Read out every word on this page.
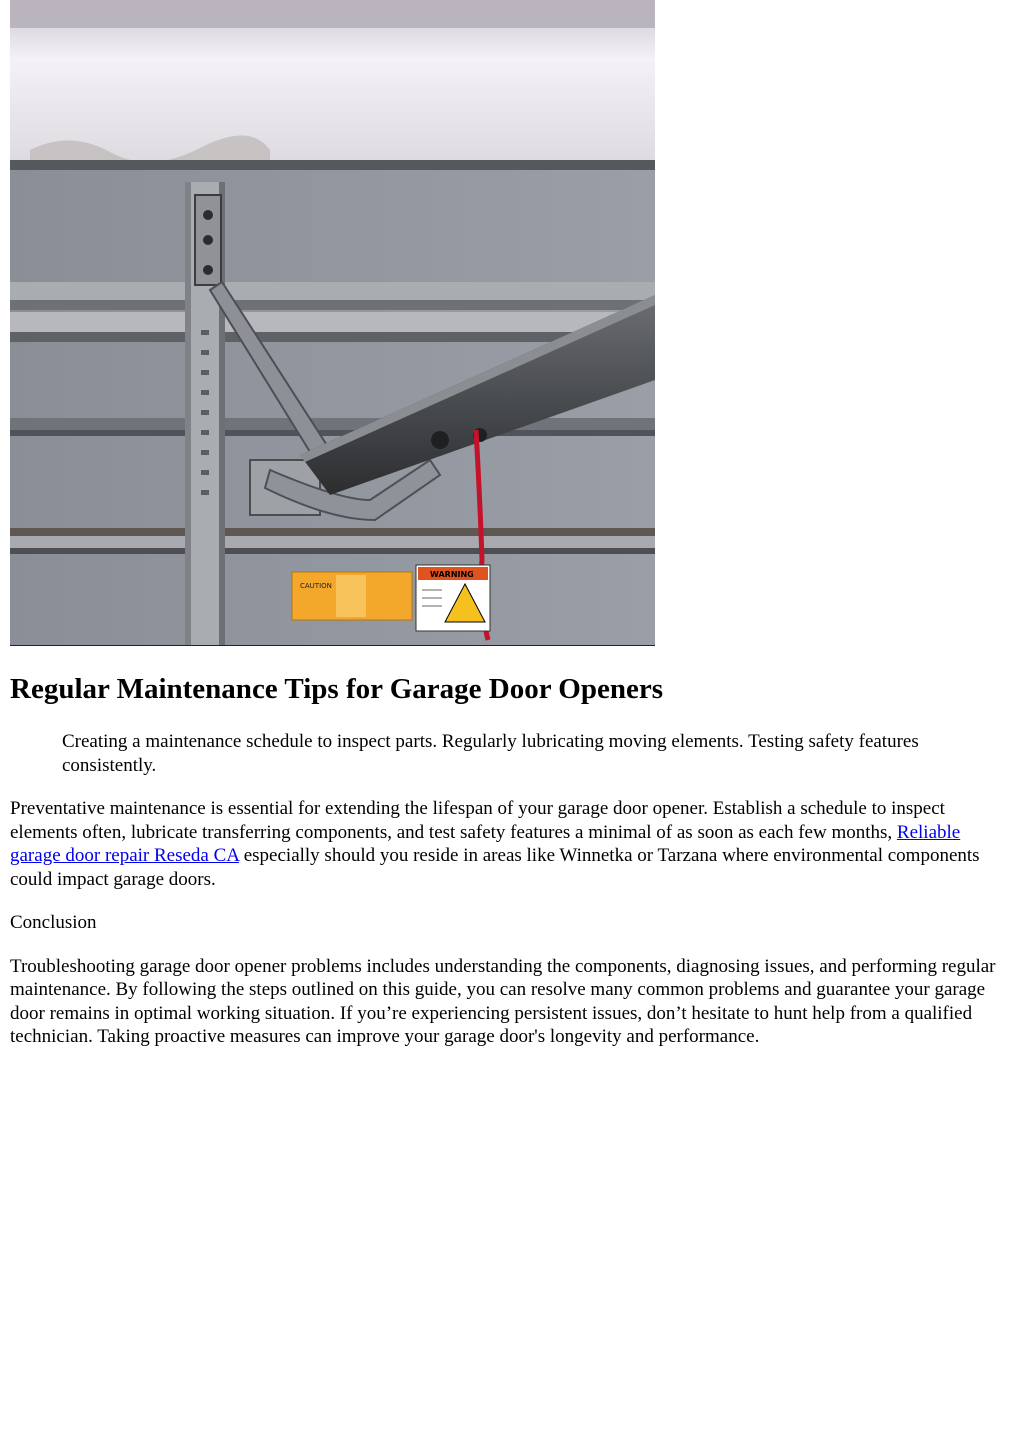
CAUTION
WARNING
Regular Maintenance Tips for Garage Door Openers
Creating a maintenance schedule to inspect parts. Regularly lubricating moving elements. Testing safety features consistently.

Preventative maintenance is essential for extending the lifespan of your garage door opener. Establish a schedule to inspect elements often, lubricate transferring components, and test safety features a minimal of as soon as each few months, Reliable garage door repair Reseda CA especially should you reside in areas like Winnetka or Tarzana where environmental components could impact garage doors.

Conclusion

Troubleshooting garage door opener problems includes understanding the components, diagnosing issues, and performing regular maintenance. By following the steps outlined on this guide, you can resolve many common problems and guarantee your garage door remains in optimal working situation. If you’re experiencing persistent issues, don’t hesitate to hunt help from a qualified technician. Taking proactive measures can improve your garage door's longevity and performance.
